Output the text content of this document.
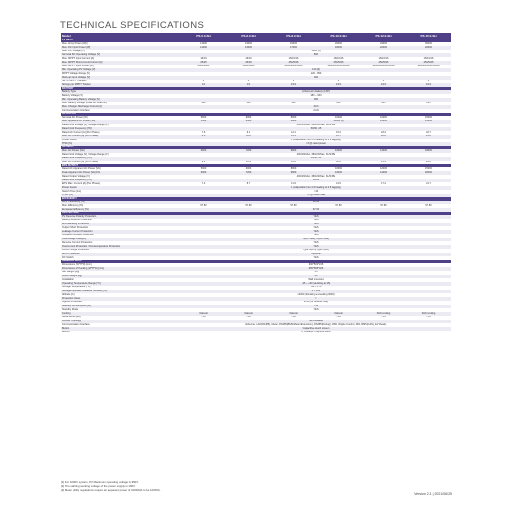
TECHNICAL SPECIFICATIONS
Model	PS-5.0-SH	PS-6.0-SH	PS-8.0-SH	PS-10.0-SH	PS-12.0-SH	PS-15.0-SH
PV INPUT						
Max. Array Power [Wp]	11000	13000	16000	20000	24000	30000
Max. DC Input Power [W]	11000	13000	17000	18000	22000	22000
Max. DC Voltage [V]	1000 [1]					
Nominal DC Operating Voltage [V]	600					
Max. MPPT Input Current [A]	16/16	16/16	16/16/16	16/16/16	16/16/16	16/16/16
Max. MPPT Short-Circuit Current [A]	25/25	25/25	25/25/25	25/25/25	25/25/25	25/25/25
Max. MPPT Input Power [W]	6000/6000	6000/6000	6000/6000/6000	10000/10000/10000	10000/10000/10000	10000/10000/10000
Min. Operating PV Voltage [V]	140 [2]					
MPPT Voltage Range [V]	120 - 950					
Start-up Input Voltage [V]	160					
No. of MPPT Trackers	2	2	3	3	3	3
Strings per MPPT Tracker	1/1	1/1	1/1/1	1/1/1	1/1/1	1/1/1
BATTERY						
Battery Type	Lithium-ion battery (LFP)					
Battery Voltage [V]	180 ~ 900					
Min. Operating Battery Voltage [V]	180					
Max. Battery Voltage (Peak AC Load 3h)	108	125	160	210	225	235
Max. Charge/ Discharge Current [A]	30.0					
Communication Interface	CAN					
AC OUTPUT						
Nominal AC Power [W]	5000	6000	8000	10000	12000	15000
Max. Apparent AC Power [VA]	5500	6600	8800	11000 [3]	13200	15000
Rated Grid Voltage [V], Voltage Range [V]	400/230Vac, 380/220Vac, 3L/N/PE					
Rated Grid Frequency [Hz]	50/60, 45					
Rated AC Current [A] (Per Phase)	7.6	9.1	12.1	15.2	18.2	22.7
Max. AC Current [A] (Per Phase)	8.3	10.0	13.3	16.7	20.0	25.0
Power Factor	1 (Adjustable from 0.8 leading to 0.8 lagging)					
THDi [%]	<3 @ rated power					
AC INPUT						
Max. AC Power [VA]	6000	7200	9600	12000	14400	18000
Rated Grid Voltage [V], Voltage Range [V]	400/230Vac, 380/220Vac, 3L/N/PE					
Rated Grid Frequency [Hz]	50/60, 45					
Max. AC Current [A] (Per Phase)	9.1	10.9	14.6	18.2	21.9	26.2
EPS OUTPUT						
Rated AC Apparent AC Power [VA]	5000	6000	8000	10000	12000	15000
Peak Apparent AC Power [VA] 10s	6000	7200	9600	12000	14400	18000
Rated Output Voltage [V]	400/230Vac, 380/220Vac, 3L/N/PE					
Rated Grid Frequency [Hz]	50/60					
EPS Max. Current [A] (Per Phase)	7.2	8.7	11.6	14.5	17.4	21.7
Power Factor	1 (Adjustable from 0.8 leading to 0.8 lagging)					
Switch Time [ms]	<10					
THDv [%]	<3 @ linear load					
EFFICIENCY						
MPPT Efficiency [%]	99.90					
Max. Efficiency [%]	97.80	97.80	97.80	97.80	97.80	97.80
European Efficiency [%]	97.00					
PROTECTION						
PV Reverse Polarity Protection	YES					
Battery Reverse Protection	YES					
Anti-Islanding Protection	YES					
Output Short Protection	YES					
Leakage Current Protection	YES					
Insulation Resistor Detection	YES					
Overvoltage Category	II(DC side), III(AC side)					
Reverse Current Protection	YES					
Overcurrent Protection / Overtemperature Protection	YES					
DC/AC Surge Protection	Type II(DC)/Type II(AC)					
AFCI Protection	Optional					
DC Switch	YES					
GENERAL DATA						
Dimensions (W*H*D) [mm]	600*500*226					
Dimensions of Packing (W*H*D) [mm]	665*565*306					
Net Weight [kg]	35					
Gross Weight [kg]	40					
Installation	Wall mounted					
Operating Temperature Range [°C]	-25 ~ +60 (derating at 45)					
Storage Temperature [°C]	-40 ~ +70					
Storage/Operation Relative Humidity [%]	0 ~ 100					
Altitude [m]	≤4000 (Derating exceeding 3000)					
Protection Class	I					
Ingress Protection	IP65 (for outdoor use)					
Standby Consumption [W]	<15					
Standby Mode	YES					
Cooling	Natural	Natural	Natural	Natural	FAN cooling	FAN cooling
Noise Emits [dB]	<30	<30	<30	<30	<55	<55
Inverter Topology	Non-isolated					
Communication Interface	Ethernet, LAN(RJ485), Meter, RS485(BMS/Meter/Extension), RS485(Debug), WiFi, Ripple Control, DIN, BMS(CAN), EV Ready					
Button	Capacitive touch screen					
Buzzer	1, model(RYXB)/unit touch					
[1] For 1000V system, PV Maximum operating voltage is 950V.
[2] The starting working voltage of the power supply is 160V.
[3] Meter utility regulations require an apparent power of 10000VA to be 1000VA.
Version 2.1 | 2021/06/25
